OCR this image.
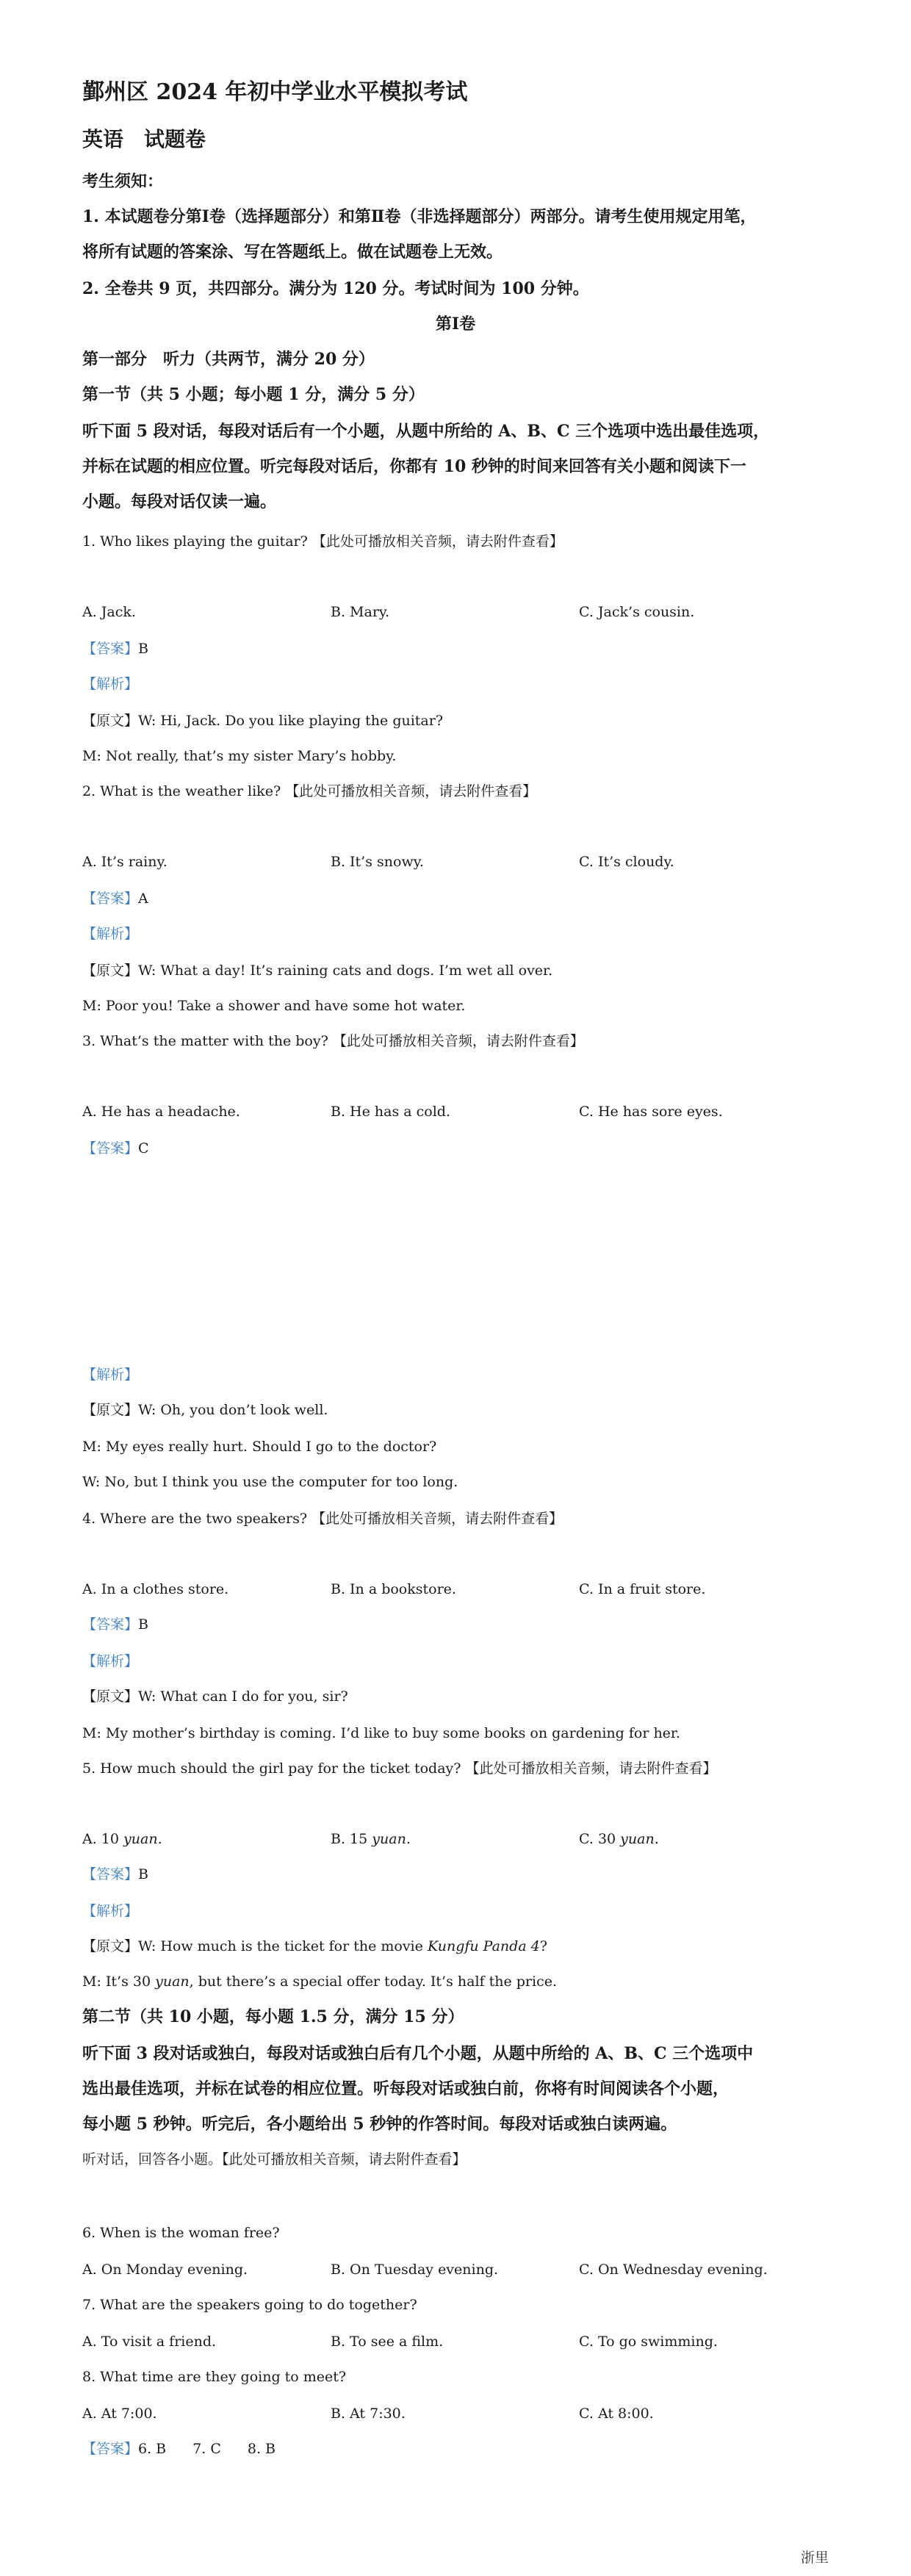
鄞州区 2024 年初中学业水平模拟考试
英语　试题卷
考生须知：
1. 本试题卷分第Ⅰ卷（选择题部分）和第Ⅱ卷（非选择题部分）两部分。请考生使用规定用笔，
将所有试题的答案涂、写在答题纸上。做在试题卷上无效。
2. 全卷共 9 页，共四部分。满分为 120 分。考试时间为 100 分钟。
第Ⅰ卷
第一部分　听力（共两节，满分 20 分）
第一节（共 5 小题；每小题 1 分，满分 5 分）
听下面 5 段对话，每段对话后有一个小题，从题中所给的 A、B、C 三个选项中选出最佳选项，
并标在试题的相应位置。听完每段对话后，你都有 10 秒钟的时间来回答有关小题和阅读下一
小题。每段对话仅读一遍。
1. Who likes playing the guitar? 【此处可播放相关音频，请去附件查看】
A. Jack.	B. Mary.	C. Jack’s cousin.
【答案】B
【解析】
【原文】W: Hi, Jack. Do you like playing the guitar?
M: Not really, that’s my sister Mary’s hobby.
2. What is the weather like? 【此处可播放相关音频，请去附件查看】
A. It’s rainy.	B. It’s snowy.	C. It’s cloudy.
【答案】A
【解析】
【原文】W: What a day! It’s raining cats and dogs. I’m wet all over.
M: Poor you! Take a shower and have some hot water.
3. What’s the matter with the boy? 【此处可播放相关音频，请去附件查看】
A. He has a headache.	B. He has a cold.	C. He has sore eyes.
【答案】C
【解析】
【原文】W: Oh, you don’t look well.
M: My eyes really hurt. Should I go to the doctor?
W: No, but I think you use the computer for too long.
4. Where are the two speakers? 【此处可播放相关音频，请去附件查看】
A. In a clothes store.	B. In a bookstore.	C. In a fruit store.
【答案】B
【解析】
【原文】W: What can I do for you, sir?
M: My mother’s birthday is coming. I’d like to buy some books on gardening for her.
5. How much should the girl pay for the ticket today? 【此处可播放相关音频，请去附件查看】
A. 10 yuan.	B. 15 yuan.	C. 30 yuan.
【答案】B
【解析】
【原文】W: How much is the ticket for the movie Kungfu Panda 4?
M: It’s 30 yuan, but there’s a special offer today. It’s half the price.
第二节（共 10 小题，每小题 1.5 分，满分 15 分）
听下面 3 段对话或独白，每段对话或独白后有几个小题，从题中所给的 A、B、C 三个选项中
选出最佳选项，并标在试卷的相应位置。听每段对话或独白前，你将有时间阅读各个小题，
每小题 5 秒钟。听完后，各小题给出 5 秒钟的作答时间。每段对话或独白读两遍。
听对话，回答各小题。【此处可播放相关音频，请去附件查看】
6. When is the woman free?
A. On Monday evening.	B. On Tuesday evening.	C. On Wednesday evening.
7. What are the speakers going to do together?
A. To visit a friend.	B. To see a film.	C. To go swimming.
8. What time are they going to meet?
A. At 7:00.	B. At 7:30.	C. At 8:00.
【答案】6. B 7. C 8. B
浙里
